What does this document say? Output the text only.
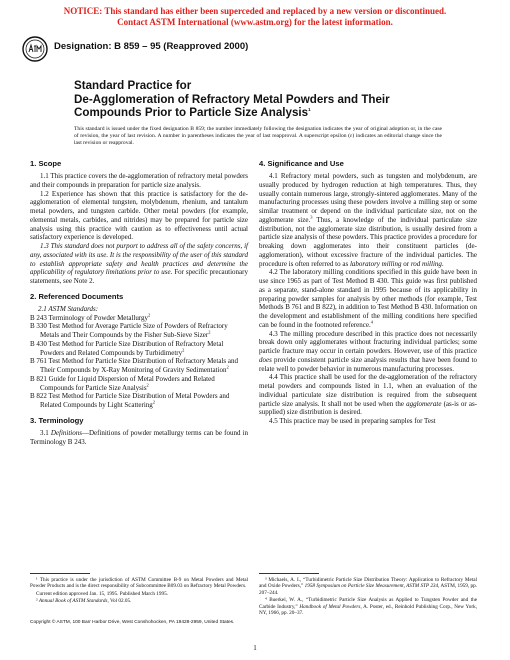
NOTICE: This standard has either been superceded and replaced by a new version or discontinued.
Contact ASTM International (www.astm.org) for the latest information.
Designation: B 859 – 95 (Reapproved 2000)
Standard Practice for
De-Agglomeration of Refractory Metal Powders and Their
Compounds Prior to Particle Size Analysis$^1$
This standard is issued under the fixed designation B 859; the number immediately following the designation indicates the year of original adoption or, in the case of revision, the year of last revision. A number in parentheses indicates the year of last reapproval. A superscript epsilon (ε) indicates an editorial change since the last revision or reapproval.
1. Scope

1.1 This practice covers the de-agglomeration of refractory metal powders and their compounds in preparation for particle size analysis.

1.2 Experience has shown that this practice is satisfactory for the de-agglomeration of elemental tungsten, molybdenum, rhenium, and tantalum metal powders, and tungsten carbide. Other metal powders (for example, elemental metals, carbides, and nitrides) may be prepared for particle size analysis using this practice with caution as to effectiveness until actual satisfactory experience is developed.

1.3 This standard does not purport to address all of the safety concerns, if any, associated with its use. It is the responsibility of the user of this standard to establish appropriate safety and health practices and determine the applicability of regulatory limitations prior to use. For specific precautionary statements, see Note 2.

2. Referenced Documents

2.1 ASTM Standards:

B 243 Terminology of Powder Metallurgy$^2$

B 330 Test Method for Average Particle Size of Powders of Refractory Metals and Their Compounds by the Fisher Sub-Sieve Sizer$^2$

B 430 Test Method for Particle Size Distribution of Refractory Metal Powders and Related Compounds by Turbidimetry$^2$

B 761 Test Method for Particle Size Distribution of Refractory Metals and Their Compounds by X-Ray Monitoring of Gravity Sedimentation$^2$

B 821 Guide for Liquid Dispersion of Metal Powders and Related Compounds for Particle Size Analysis$^2$

B 822 Test Method for Particle Size Distribution of Metal Powders and Related Compounds by Light Scattering$^2$

3. Terminology

3.1 Definitions—Definitions of powder metallurgy terms can be found in Terminology B 243.

4. Significance and Use

4.1 Refractory metal powders, such as tungsten and molybdenum, are usually produced by hydrogen reduction at high temperatures. Thus, they usually contain numerous large, strongly-sintered agglomerates. Many of the manufacturing processes using these powders involve a milling step or some similar treatment or depend on the individual particulate size, not on the agglomerate size.$^3$ Thus, a knowledge of the individual particulate size distribution, not the agglomerate size distribution, is usually desired from a particle size analysis of these powders. This practice provides a procedure for breaking down agglomerates into their constituent particles (de-agglomeration), without excessive fracture of the individual particles. The procedure is often referred to as laboratory milling or rod milling.

4.2 The laboratory milling conditions specified in this guide have been in use since 1965 as part of Test Method B 430. This guide was first published as a separate, stand-alone standard in 1995 because of its applicability in preparing powder samples for analysis by other methods (for example, Test Methods B 761 and B 822), in addition to Test Method B 430. Information on the development and establishment of the milling conditions here specified can be found in the footnoted reference.$^4$

4.3 The milling procedure described in this practice does not necessarily break down only agglomerates without fracturing individual particles; some particle fracture may occur in certain powders. However, use of this practice does provide consistent particle size analysis results that have been found to relate well to powder behavior in numerous manufacturing processes.

4.4 This practice shall be used for the de-agglomeration of the refractory metal powders and compounds listed in 1.1, when an evaluation of the individual particulate size distribution is required from the subsequent particle size analysis. It shall not be used when the agglomerate (as-is or as-supplied) size distribution is desired.

4.5 This practice may be used in preparing samples for Test

¹ This practice is under the jurisdiction of ASTM Committee B-9 on Metal Powders and Metal Powder Products and is the direct responsibility of Subcommittee B09.03 on Refractory Metal Powders.

Current edition approved Jan. 15, 1995. Published March 1995.

² Annual Book of ASTM Standards, Vol 02.05.

³ Michaels, A. I., “Turbidimetric Particle Size Distribution Theory: Application to Refractory Metal and Oxide Powders,” 1958 Symposium on Particle Size Measurement, ASTM STP 234, ASTM, 1959, pp. 207–244.

⁴ Buerkel, W. A., “Turbidimetric Particle Size Analysis as Applied to Tungsten Powder and the Carbide Industry,” Handbook of Metal Powders, A. Poster, ed., Reinhold Publishing Corp., New York, NY, 1966, pp. 20–37.

Copyright © ASTM, 100 Barr Harbor Drive, West Conshohocken, PA 19428-2959, United States.
1
